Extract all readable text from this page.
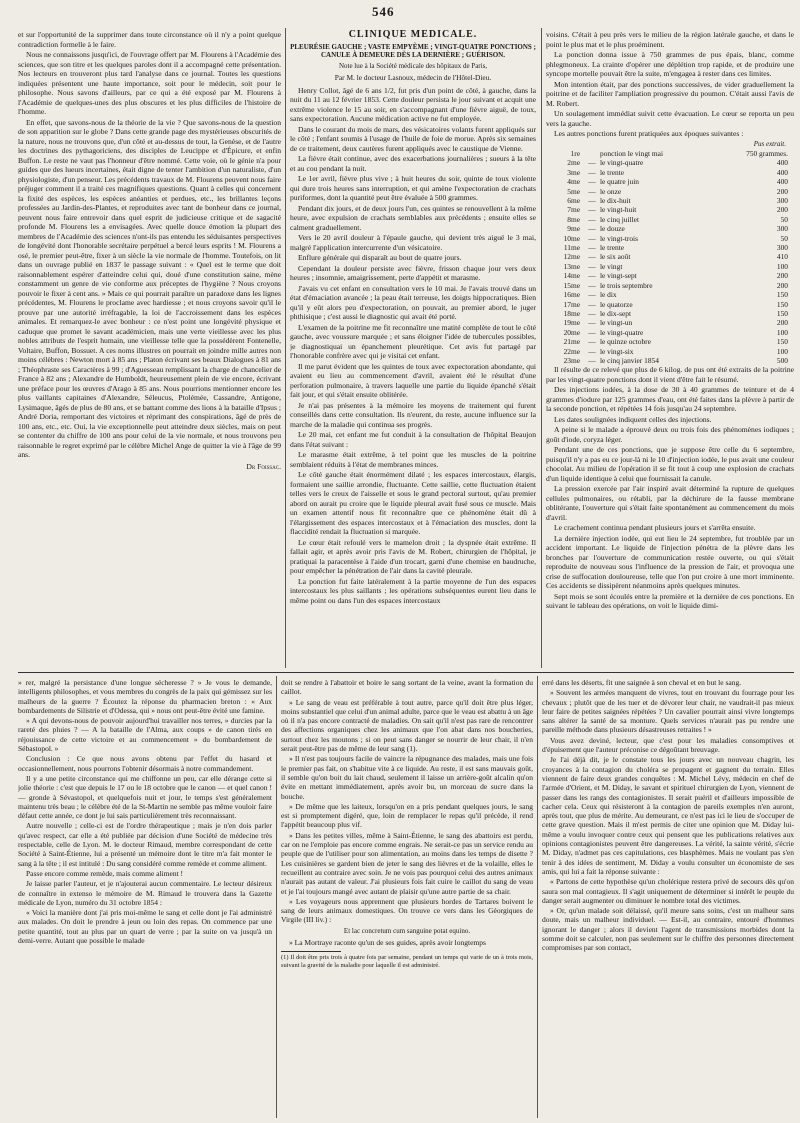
546

et sur l'opportunité de la supprimer dans toute circonstance où il n'y a point quelque contradiction formelle à le faire.

Nous ne connaissons jusqu'ici, de l'ouvrage offert par M. Flourens à l'Académie des sciences, que son titre et les quelques paroles dont il a accompagné cette présentation. Nos lecteurs en trouveront plus tard l'analyse dans ce journal. Toutes les questions indiquées présentent une haute importance, soit pour le médecin, soit pour le philosophe. Nous savons d'ailleurs, par ce qui a été exposé par M. Flourens à l'Académie de quelques-unes des plus obscures et les plus difficiles de l'histoire de l'homme.

En effet, que savons-nous de la théorie de la vie ? Que savons-nous de la question de son apparition sur le globe ? Dans cette grande page des mystérieuses obscurités de la nature, nous ne trouvons que, d'un côté et au-dessus de tout, la Genèse, et de l'autre les doctrines des pythagoriciens, des disciples de Leucippe et d'Épicure, et enfin Buffon. Le reste ne vaut pas l'honneur d'être nommé. Cette voie, où le génie n'a pour guides que des lueurs incertaines, était digne de tenter l'ambition d'un naturaliste, d'un physiologiste, d'un penseur. Les précédents travaux de M. Flourens peuvent nous faire préjuger comment il a traité ces magnifiques questions. Quant à celles qui concernent la fixité des espèces, les espèces anéanties et perdues, etc., les brillantes leçons professées au Jardin-des-Plantes, et reproduites avec tant de bonheur dans ce journal, peuvent nous faire entrevoir dans quel esprit de judicieuse critique et de sagacité profonde M. Flourens les a envisagées. Avec quelle douce émotion la plupart des membres de l'Académie des sciences n'ont-ils pas entendu les séduisantes perspectives de longévité dont l'honorable secrétaire perpétuel a bercé leurs esprits ! M. Flourens a osé, le premier peut-être, fixer à un siècle la vie normale de l'homme. Toutefois, on lit dans un ouvrage publié en 1837 le passage suivant : « Quel est le terme que doit raisonnablement espérer d'atteindre celui qui, doué d'une constitution saine, mène constamment un genre de vie conforme aux préceptes de l'hygiène ? Nous croyons pouvoir le fixer à cent ans. » Mais ce qui pourrait paraître un paradoxe dans les lignes précédentes, M. Flourens le proclame avec hardiesse ; et nous croyons savoir qu'il le prouve par une autorité irréfragable, la loi de l'accroissement dans les espèces animales. Et remarquez-le avec bonheur : ce n'est point une longévité physique et caduque que promet le savant académicien, mais une verte vieillesse avec les plus nobles attributs de l'esprit humain, une vieillesse telle que la possédèrent Fontenelle, Voltaire, Buffon, Bossuet. A ces noms illustres on pourrait en joindre mille autres non moins célèbres : Newton mort à 85 ans ; Platon écrivant ses beaux Dialogues à 81 ans ; Théophraste ses Caractères à 99 ; d'Aguesseau remplissant la charge de chancelier de France à 82 ans ; Alexandre de Humboldt, heureusement plein de vie encore, écrivant une préface pour les œuvres d'Arago à 85 ans. Nous pourrions mentionner encore les plus vaillants capitaines d'Alexandre, Séleucus, Ptolémée, Cassandre, Antigone, Lysimaque, âgés de plus de 80 ans, et se battant comme des lions à la bataille d'Ipsus ; André Doria, remportant des victoires et réprimant des conspirations, âgé de près de 100 ans, etc., etc. Oui, la vie exceptionnelle peut atteindre deux siècles, mais on peut se contenter du chiffre de 100 ans pour celui de la vie normale, et nous trouvons peu raisonnable le regret exprimé par le célèbre Michel Ange de quitter la vie à l'âge de 99 ans.

Dr Foissac.
CLINIQUE MÉDICALE.
PLEURÉSIE GAUCHE ; VASTE EMPYÈME ; VINGT-QUATRE PONCTIONS ; CANULE À DEMEURE DÈS LA DERNIÈRE ; GUÉRISON.
Note lue à la Société médicale des hôpitaux de Paris,
Par M. le docteur Lasnoux, médecin de l'Hôtel-Dieu.

Henry Collot, âgé de 6 ans 1/2, fut pris d'un point de côté, à gauche, dans la nuit du 11 au 12 février 1853. Cette douleur persista le jour suivant et acquit une extrême violence le 15 au soir, en s'accompagnant d'une fièvre aiguë, de toux, sans expectoration. Aucune médication active ne fut employée.

Dans le courant du mois de mars, des vésicatoires volants furent appliqués sur le côté ; l'enfant soumis à l'usage de l'huile de foie de morue. Après six semaines de ce traitement, deux cautères furent appliqués avec le caustique de Vienne.

La fièvre était continue, avec des exacerbations journalières ; sueurs à la tête et au cou pendant la nuit.

Le 1er avril, fièvre plus vive ; à huit heures du soir, quinte de toux violente qui dure trois heures sans interruption, et qui amène l'expectoration de crachats puriformes, dont la quantité peut être évaluée à 500 grammes.

Pendant dix jours, et de deux jours l'un, ces quintes se renouvellent à la même heure, avec expulsion de crachats semblables aux précédents ; ensuite elles se calment graduellement.

Vers le 20 avril douleur à l'épaule gauche, qui devient très aiguë le 3 mai, malgré l'application intercurrente d'un vésicatoire.

Enflure générale qui disparaît au bout de quatre jours.

Cependant la douleur persiste avec fièvre, frisson chaque jour vers deux heures ; insomnie, amaigrissement, perte d'appétit et marasme.

J'avais vu cet enfant en consultation vers le 10 mai. Je l'avais trouvé dans un état d'émaciation avancée ; la peau était terreuse, les doigts hippocratiques. Bien qu'il y eût alors peu d'expectoration, on pouvait, au premier abord, le juger phthisique ; c'est aussi le diagnostic qui avait été porté.

L'examen de la poitrine me fit reconnaître une matité complète de tout le côté gauche, avec voussure marquée ; et sans éloigner l'idée de tubercules possibles, je diagnostiquai un épanchement pleurétique. Cet avis fut partagé par l'honorable confrère avec qui je visitai cet enfant.

Il me parut évident que les quintes de toux avec expectoration abondante, qui avaient eu lieu au commencement d'avril, avaient été le résultat d'une perforation pulmonaire, à travers laquelle une partie du liquide épanché s'était fait jour, et qui s'était ensuite oblitérée.

Je n'ai pas présentes à la mémoire les moyens de traitement qui furent conseillés dans cette consultation. Ils n'eurent, du reste, aucune influence sur la marche de la maladie qui continua ses progrès.

Le 20 mai, cet enfant me fut conduit à la consultation de l'hôpital Beaujon dans l'état suivant :

Le marasme était extrême, à tel point que les muscles de la poitrine semblaient réduits à l'état de membranes minces.

Le côté gauche était énormément dilaté ; les espaces intercostaux, élargis, formaient une saillie arrondie, fluctuante. Cette saillie, cette fluctuation étaient telles vers le creux de l'aisselle et sous le grand pectoral surtout, qu'au premier abord on aurait pu croire que le liquide pleural avait fusé sous ce muscle. Mais un examen attentif nous fit reconnaître que ce phénomène était dû à l'élargissement des espaces intercostaux et à l'émaciation des muscles, dont la flaccidité rendait la fluctuation si marquée.

Le cœur était refoulé vers le mamelon droit ; la dyspnée était extrême. Il fallait agir, et après avoir pris l'avis de M. Robert, chirurgien de l'hôpital, je pratiquai la paracentèse à l'aide d'un trocart, garni d'une chemise en baudruche, pour empêcher la pénétration de l'air dans la cavité pleurale.

La ponction fut faite latéralement à la partie moyenne de l'un des espaces intercostaux les plus saillants ; les opérations subséquentes eurent lieu dans le même point ou dans l'un des espaces intercostaux

voisins. C'était à peu près vers le milieu de la région latérale gauche, et dans le point le plus mat et le plus proéminent.

La ponction donna issue à 750 grammes de pus épais, blanc, comme phlegmoneux. La crainte d'opérer une déplétion trop rapide, et de produire une syncope mortelle pouvait être la suite, m'engagea à rester dans ces limites.

Mon intention était, par des ponctions successives, de vider graduellement la poitrine et de faciliter l'ampliation progressive du poumon. C'était aussi l'avis de M. Robert.

Un soulagement immédiat suivit cette évacuation. Le cœur se reporta un peu vers la gauche.

Les autres ponctions furent pratiquées aux époques suivantes :

Pus extrait.
1re		ponction le vingt mai	750 grammes.
2me	—	le vingt-quatre	400
3me	—	le trente	400
4me	—	le quatre juin	400
5me	—	le onze	200
6me	—	le dix-huit	300
7me	—	le vingt-huit	200
8me	—	le cinq juillet	50
9me	—	le douze	300
10me	—	le vingt-trois	50
11me	—	le trente	300
12me	—	le six août	410
13me	—	le vingt	100
14me	—	le vingt-sept	200
15me	—	le trois septembre	200
16me	—	le dix	150
17me	—	le quatorze	150
18me	—	le dix-sept	150
19me	—	le vingt-un	200
20me	—	le vingt-quatre	100
21me	—	le quinze octobre	150
22me	—	le vingt-six	100
23me	—	le cinq janvier 1854	500

Il résulte de ce relevé que plus de 6 kilog. de pus ont été extraits de la poitrine par les vingt-quatre ponctions dont il vient d'être fait le résumé.

Des injections iodées, à la dose de 30 à 40 grammes de teinture et de 4 grammes d'iodure par 125 grammes d'eau, ont été faites dans la plèvre à partir de la seconde ponction, et répétées 14 fois jusqu'au 24 septembre.

Les dates soulignées indiquent celles des injections.

A peine si le malade a éprouvé deux ou trois fois des phénomènes iodiques ; goût d'iode, coryza léger.

Pendant une de ces ponctions, que je suppose être celle du 6 septembre, puisqu'il n'y a pas eu ce jour-là ni le 10 d'injection iodée, le pus avait une couleur chocolat. Au milieu de l'opération il se fit tout à coup une explosion de crachats d'un liquide identique à celui que fournissait la canule.

La pression exercée par l'air inspiré avait déterminé la rupture de quelques cellules pulmonaires, ou rétabli, par la déchirure de la fausse membrane oblitérante, l'ouverture qui s'était faite spontanément au commencement du mois d'avril.

Le crachement continua pendant plusieurs jours et s'arrêta ensuite.

La dernière injection iodée, qui eut lieu le 24 septembre, fut troublée par un accident important. Le liquide de l'injection pénétra de la plèvre dans les bronches par l'ouverture de communication restée ouverte, ou qui s'était reproduite de nouveau sous l'influence de la pression de l'air, et provoqua une crise de suffocation douloureuse, telle que l'on put croire à une mort imminente. Ces accidents se dissipèrent néanmoins après quelques minutes.

Sept mois se sont écoulés entre la première et la dernière de ces ponctions. En suivant le tableau des opérations, on voit le liquide dimi-

» rer, malgré la persistance d'une longue sécheresse ? » Je vous le demande, intelligents philosophes, et vous membres du congrès de la paix qui gémissez sur les malheurs de la guerre ? Écoutez la réponse du pharmacien breton : « Aux bombardements de Silistrie et d'Odessa, qui » nous ont peut-être évité une famine.

» A qui devons-nous de pouvoir aujourd'hui travailler nos terres, » durcies par la rareté des pluies ? — A la bataille de l'Alma, aux coups » de canon tirés en réjouissance de cette victoire et au commencement » du bombardement de Sébastopol. »

Conclusion : Ce que nous avons obtenu par l'effet du hasard et occasionnellement, nous pourrons l'obtenir désormais à notre commandement.

Il y a une petite circonstance qui me chiffonne un peu, car elle dérange cette si jolie théorie : c'est que depuis le 17 ou le 18 octobre que le canon — et quel canon ! — gronde à Sévastopol, et quelquefois nuit et jour, le temps s'est généralement maintenu très beau ; le célèbre été de la St-Martin ne semble pas même vouloir faire défaut cette année, ce dont je lui sais particulièrement très reconnaissant.

Autre nouvelle ; celle-ci est de l'ordre thérapeutique ; mais je n'en dois parler qu'avec respect, car elle a été publiée par décision d'une Société de médecine très respectable, celle de Lyon. M. le docteur Rimaud, membre correspondant de cette Société à Saint-Étienne, lui a présenté un mémoire dont le titre m'a fait monter le sang à la tête ; il est intitulé : Du sang considéré comme remède et comme aliment.

Passe encore comme remède, mais comme aliment !

Je laisse parler l'auteur, et je n'ajouterai aucun commentaire. Le lecteur désireux de connaître in extenso le mémoire de M. Rimaud le trouvera dans la Gazette médicale de Lyon, numéro du 31 octobre 1854 :

« Voici la manière dont j'ai pris moi-même le sang et celle dont je l'ai administré aux malades. On doit le prendre à jeun ou loin des repas. On commence par une petite quantité, tout au plus par un quart de verre ; par la suite on va jusqu'à un demi-verre. Autant que possible le malade

doit se rendre à l'abattoir et boire le sang sortant de la veine, avant la formation du caillot.

» Le sang de veau est préférable à tout autre, parce qu'il doit être plus léger, moins substantiel que celui d'un animal adulte, parce que le veau est abattu à un âge où il n'a pas encore contracté de maladies. On sait qu'il n'est pas rare de rencontrer des affections organiques chez les animaux que l'on abat dans nos boucheries, surtout chez les moutons ; si on peut sans danger se nourrir de leur chair, il n'en serait peut-être pas de même de leur sang (1).

» Il n'est pas toujours facile de vaincre la répugnance des malades, mais une fois le premier pas fait, on s'habitue vite à ce liquide. Au reste, il est sans mauvais goût, il semble qu'on boit du lait chaud, seulement il laisse un arrière-goût alcalin qu'on évite en mettant immédiatement, après avoir bu, un morceau de sucre dans la bouche.

» De même que les laiteux, lorsqu'on en a pris pendant quelques jours, le sang est si promptement digéré, que, loin de remplacer le repas qu'il précède, il rend l'appétit beaucoup plus vif.

» Dans les petites villes, même à Saint-Étienne, le sang des abattoirs est perdu, car on ne l'emploie pas encore comme engrais. Ne serait-ce pas un service rendu au peuple que de l'utiliser pour son alimentation, au moins dans les temps de disette ? Les cuisinières se gardent bien de jeter le sang des lièvres et de la volaille, elles le recueillent au contraire avec soin. Je ne vois pas pourquoi celui des autres animaux n'aurait pas autant de valeur. J'ai plusieurs fois fait cuire le caillot du sang de veau et je l'ai toujours mangé avec autant de plaisir qu'une autre partie de sa chair.

» Les voyageurs nous apprennent que plusieurs hordes de Tartares boivent le sang de leurs animaux domestiques. On trouve ce vers dans les Géorgiques de Virgile (III liv.) :

Et lac concretum cum sanguine potat equino.

» La Mortraye raconte qu'un de ses guides, après avoir longtemps

(1) Il doit être pris trois à quatre fois par semaine, pendant un temps qui varie de un à trois mois, suivant la gravité de la maladie pour laquelle il est administré.

erré dans les déserts, fit une saignée à son cheval et en but le sang.

» Souvent les armées manquent de vivres, tout en trouvant du fourrage pour les chevaux ; plutôt que de les tuer et de dévorer leur chair, ne vaudrait-il pas mieux leur faire de petites saignées répétées ? Un cavalier pourrait ainsi vivre longtemps sans altérer la santé de sa monture. Quels services n'aurait pas pu rendre une pareille méthode dans plusieurs désastreuses retraites ! »

Vous avez deviné, lecteur, que c'est pour les maladies consomptives et d'épuisement que l'auteur préconise ce dégoûtant breuvage.

Je l'ai déjà dit, je le constate tous les jours avec un nouveau chagrin, les croyances à la contagion du choléra se propagent et gagnent du terrain. Elles viennent de faire deux grandes conquêtes : M. Michel Lévy, médecin en chef de l'armée d'Orient, et M. Diday, le savant et spirituel chirurgien de Lyon, viennent de passer dans les rangs des contagionistes. Il serait puéril et d'ailleurs impossible de cacher cela. Ceux qui résisteront à la contagion de pareils exemples n'en auront, après tout, que plus de mérite. Au demeurant, ce n'est pas ici le lieu de s'occuper de cette grave question. Mais il m'est permis de citer une opinion que M. Diday lui-même a voulu invoquer contre ceux qui pensent que les publications relatives aux opinions contagionistes peuvent être dangereuses. La vérité, la sainte vérité, s'écrie M. Diday, n'admet pas ces capitulations, ces blasphèmes. Mais ne voulant pas s'en tenir à des idées de sentiment, M. Diday a voulu consulter un économiste de ses amis, qui lui a fait la réponse suivante :

« Partons de cette hypothèse qu'un cholérique restera privé de secours dès qu'on saura son mal contagieux. Il s'agit uniquement de déterminer si intérêt le peuple du danger serait augmenter ou diminuer le nombre total des victimes.

» Or, qu'un malade soit délaissé, qu'il meure sans soins, c'est un malheur sans doute, mais un malheur individuel. — Est-il, au contraire, entouré d'hommes ignorant le danger ; alors il devient l'agent de transmissions morbides dont la somme doit se calculer, non pas seulement sur le chiffre des personnes directement compromises par son contact,
